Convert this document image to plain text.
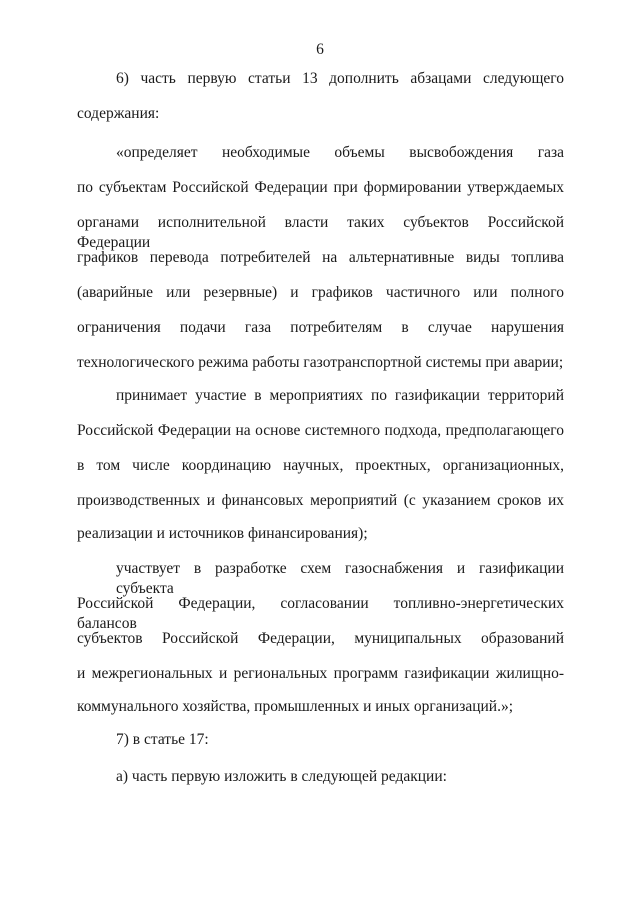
6
6) часть первую статьи 13 дополнить абзацами следующего
содержания:
«определяет необходимые объемы высвобождения газа
по субъектам Российской Федерации при формировании утверждаемых
органами исполнительной власти таких субъектов Российской Федерации
графиков перевода потребителей на альтернативные виды топлива
(аварийные или резервные) и графиков частичного или полного
ограничения подачи газа потребителям в случае нарушения
технологического режима работы газотранспортной системы при аварии;
принимает участие в мероприятиях по газификации территорий
Российской Федерации на основе системного подхода, предполагающего
в том числе координацию научных, проектных, организационных,
производственных и финансовых мероприятий (с указанием сроков их
реализации и источников финансирования);
участвует в разработке схем газоснабжения и газификации субъекта
Российской Федерации, согласовании топливно-энергетических балансов
субъектов Российской Федерации, муниципальных образований
и межрегиональных и региональных программ газификации жилищно-
коммунального хозяйства, промышленных и иных организаций.»;
7) в статье 17:
а) часть первую изложить в следующей редакции:
